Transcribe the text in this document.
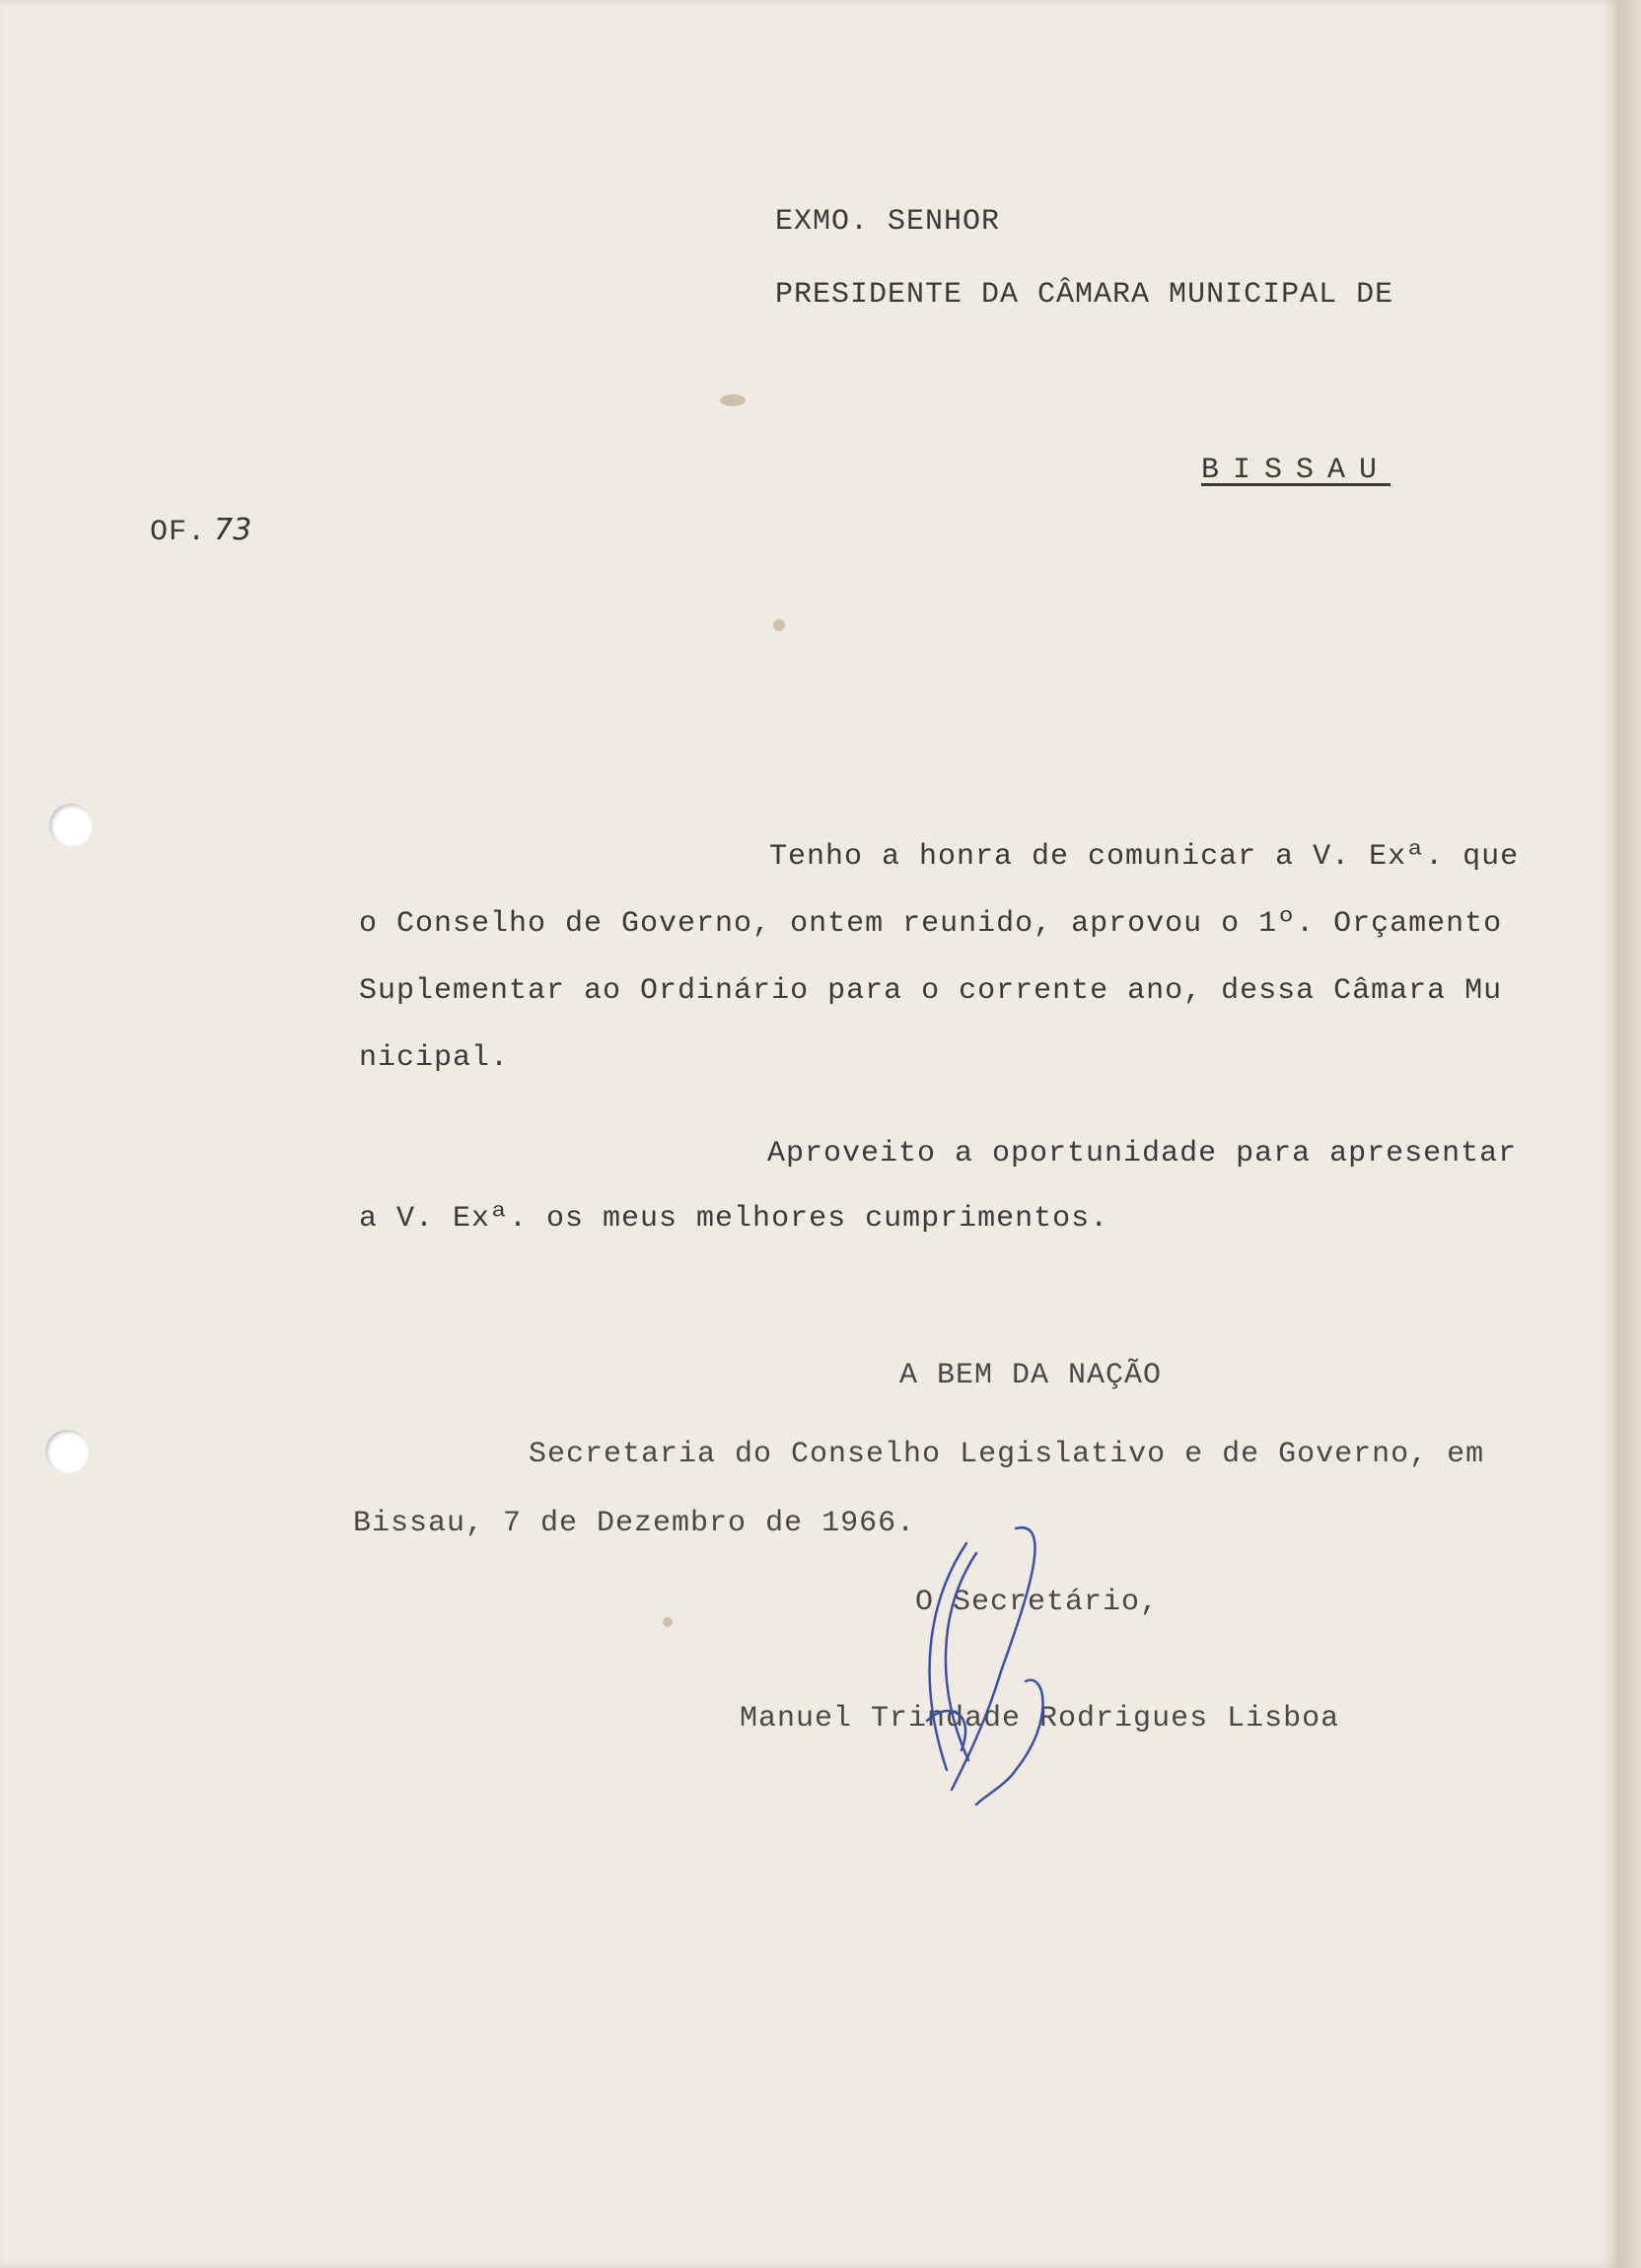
EXMO. SENHOR

PRESIDENTE DA CÂMARA MUNICIPAL DE

BISSAU

OF. 73

Tenho a honra de comunicar a V. Exª. que

o Conselho de Governo, ontem reunido, aprovou o 1º. Orçamento

Suplementar ao Ordinário para o corrente ano, dessa Câmara Mu

nicipal.

Aproveito a oportunidade para apresentar

a V. Exª. os meus melhores cumprimentos.

A BEM DA NAÇÃO

Secretaria do Conselho Legislativo e de Governo, em

Bissau, 7 de Dezembro de 1966.

O Secretário,

Manuel Trindade Rodrigues Lisboa
